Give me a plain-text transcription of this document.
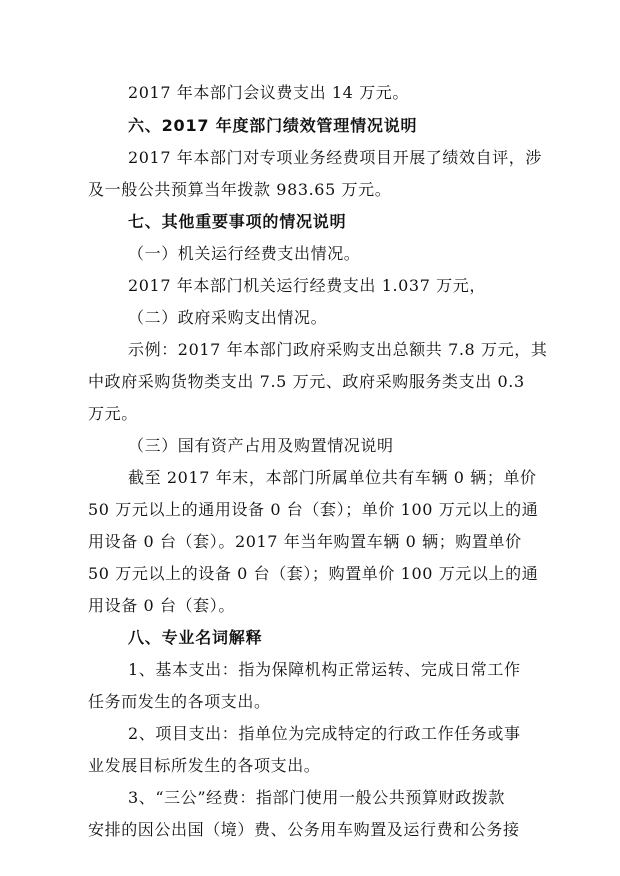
2017 年本部门会议费支出 14 万元。
六、2017 年度部门绩效管理情况说明
2017 年本部门对专项业务经费项目开展了绩效自评，涉
及一般公共预算当年拨款 983.65 万元。
七、其他重要事项的情况说明
（一）机关运行经费支出情况。
2017 年本部门机关运行经费支出 1.037 万元，
（二）政府采购支出情况。
示例：2017 年本部门政府采购支出总额共 7.8 万元，其
中政府采购货物类支出 7.5 万元、政府采购服务类支出 0.3
万元。
（三）国有资产占用及购置情况说明
截至 2017 年末，本部门所属单位共有车辆 0 辆；单价
50 万元以上的通用设备 0 台（套）；单价 100 万元以上的通
用设备 0 台（套）。2017 年当年购置车辆 0 辆；购置单价
50 万元以上的设备 0 台（套）；购置单价 100 万元以上的通
用设备 0 台（套）。
八、专业名词解释
1、基本支出：指为保障机构正常运转、完成日常工作
任务而发生的各项支出。
2、项目支出：指单位为完成特定的行政工作任务或事
业发展目标所发生的各项支出。
3、“三公”经费：指部门使用一般公共预算财政拨款
安排的因公出国（境）费、公务用车购置及运行费和公务接
